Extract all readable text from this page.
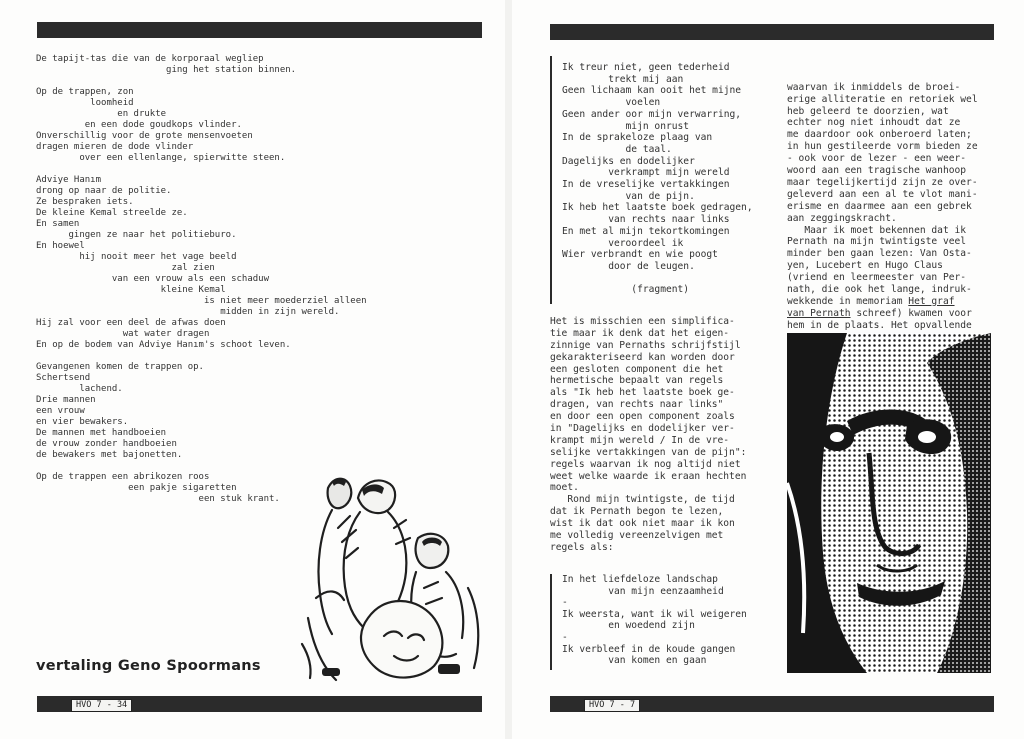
De tapijt-tas die van de korporaal wegliep
ging het station binnen.
Op de trappen, zon
loomheid
en drukte
en een dode goudkops vlinder.
Onverschillig voor de grote mensenvoeten
dragen mieren de dode vlinder
over een ellenlange, spierwitte steen.
Adviye Hanım
drong op naar de politie.
Ze bespraken iets.
De kleine Kemal streelde ze.
En samen
gingen ze naar het politieburo.
En hoewel
hij nooit meer het vage beeld
zal zien
van een vrouw als een schaduw
kleine Kemal
is niet meer moederziel alleen
midden in zijn wereld.
Hij zal voor een deel de afwas doen
wat water dragen
En op de bodem van Adviye Hanım's schoot leven.
Gevangenen komen de trappen op.
Schertsend
lachend.
Drie mannen
een vrouw
en vier bewakers.
De mannen met handboeien
de vrouw zonder handboeien
de bewakers met bajonetten.
Op de trappen een abrikozen roos
een pakje sigaretten
een stuk krant.
vertaling Geno Spoormans
HVO 7 - 34
Ik treur niet, geen tederheid
trekt mij aan
Geen lichaam kan ooit het mijne
voelen
Geen ander oor mijn verwarring,
mijn onrust
In de sprakeloze plaag van
de taal.
Dagelijks en dodelijker
verkrampt mijn wereld
In de vreselijke vertakkingen
van de pijn.
Ik heb het laatste boek gedragen,
van rechts naar links
En met al mijn tekortkomingen
veroordeel ik
Wier verbrandt en wie poogt
door de leugen.
(fragment)
Het is misschien een simplifica-
tie maar ik denk dat het eigen-
zinnige van Pernaths schrijfstijl
gekarakteriseerd kan worden door
een gesloten component die het
hermetische bepaalt van regels
als "Ik heb het laatste boek ge-
dragen, van rechts naar links"
en door een open component zoals
in "Dagelijks en dodelijker ver-
krampt mijn wereld / In de vre-
selijke vertakkingen van de pijn":
regels waarvan ik nog altijd niet
weet welke waarde ik eraan hechten
moet.
Rond mijn twintigste, de tijd
dat ik Pernath begon te lezen,
wist ik dat ook niet maar ik kon
me volledig vereenzelvigen met
regels als:
In het liefdeloze landschap
van mijn eenzaamheid
-
Ik weersta, want ik wil weigeren
en woedend zijn
-
Ik verbleef in de koude gangen
van komen en gaan

waarvan ik inmiddels de broei-
erige alliteratie en retoriek wel
heb geleerd te doorzien, wat
echter nog niet inhoudt dat ze
me daardoor ook onberoerd laten;
in hun gestileerde vorm bieden ze
- ook voor de lezer - een weer-
woord aan een tragische wanhoop
maar tegelijkertijd zijn ze over-
geleverd aan een al te vlot mani-
erisme en daarmee aan een gebrek
aan zeggingskracht.
Maar ik moet bekennen dat ik
Pernath na mijn twintigste veel
minder ben gaan lezen: Van Osta-
yen, Lucebert en Hugo Claus
(vriend en leermeester van Per-
nath, die ook het lange, indruk-
wekkende in memoriam Het graf
van Pernath schreef) kwamen voor
hem in de plaats. Het opvallende

HVO 7 - 7
